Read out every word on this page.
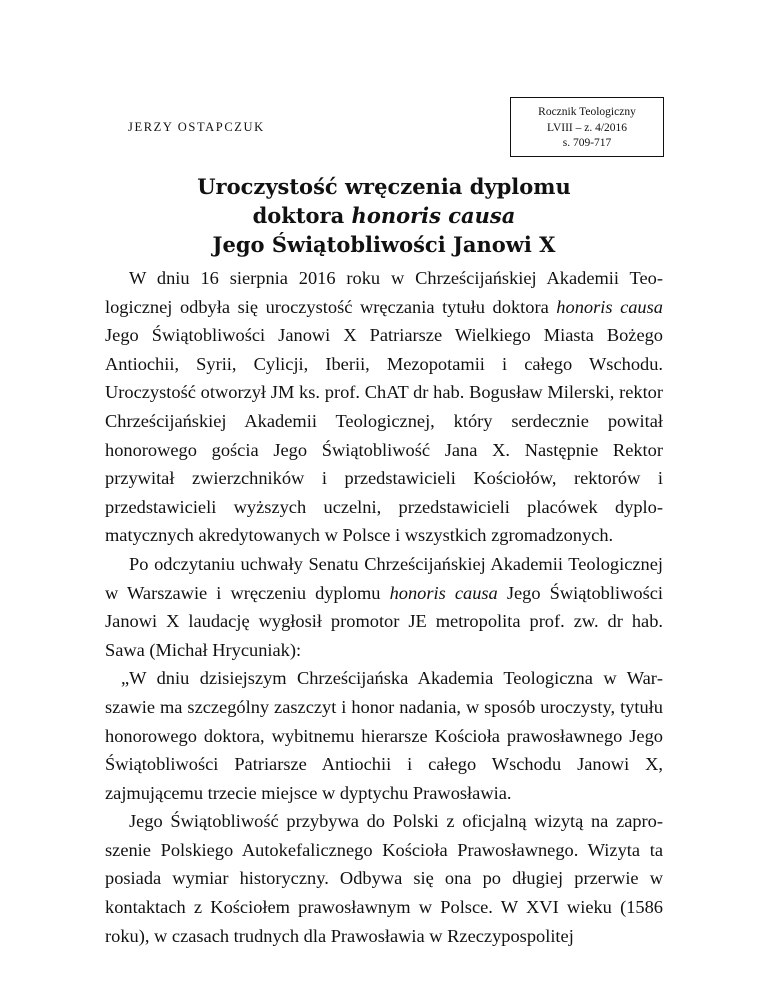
JERZY OSTAPCZUK
Rocznik Teologiczny
LVIII – z. 4/2016
s. 709-717
Uroczystość wręczenia dyplomu
doktora honoris causa
Jego Świątobliwości Janowi X

W dniu 16 sierpnia 2016 roku w Chrześcijańskiej Akademii Teologicznej odbyła się uroczystość wręczania tytułu doktora honoris causa Jego Świątobliwości Janowi X Patriarsze Wielkiego Miasta Bożego Antiochii, Syrii, Cylicji, Iberii, Mezopotamii i całego Wschodu. Uroczystość otworzył JM ks. prof. ChAT dr hab. Bogusław Milerski, rektor Chrześcijańskiej Akademii Teologicznej, który serdecznie powitał honorowego gościa Jego Świątobliwość Jana X. Następnie Rektor przywitał zwierzchników i przedstawicieli Kościołów, rektorów i przedstawicieli wyższych uczelni, przedstawicieli placówek dyplomatycznych akredytowanych w Polsce i wszystkich zgromadzonych.

Po odczytaniu uchwały Senatu Chrześcijańskiej Akademii Teologicznej w Warszawie i wręczeniu dyplomu honoris causa Jego Świątobliwości Janowi X laudację wygłosił promotor JE metropolita prof. zw. dr hab. Sawa (Michał Hrycuniak):

„W dniu dzisiejszym Chrześcijańska Akademia Teologiczna w Warszawie ma szczególny zaszczyt i honor nadania, w sposób uroczysty, tytułu honorowego doktora, wybitnemu hierarsze Kościoła prawosławnego Jego Świątobliwości Patriarsze Antiochii i całego Wschodu Janowi X, zajmującemu trzecie miejsce w dyptychu Prawosławia.

Jego Świątobliwość przybywa do Polski z oficjalną wizytą na zaproszenie Polskiego Autokefalicznego Kościoła Prawosławnego. Wizyta ta posiada wymiar historyczny. Odbywa się ona po długiej przerwie w kontaktach z Kościołem prawosławnym w Polsce. W XVI wieku (1586 roku), w czasach trudnych dla Prawosławia w Rzeczypospolitej
